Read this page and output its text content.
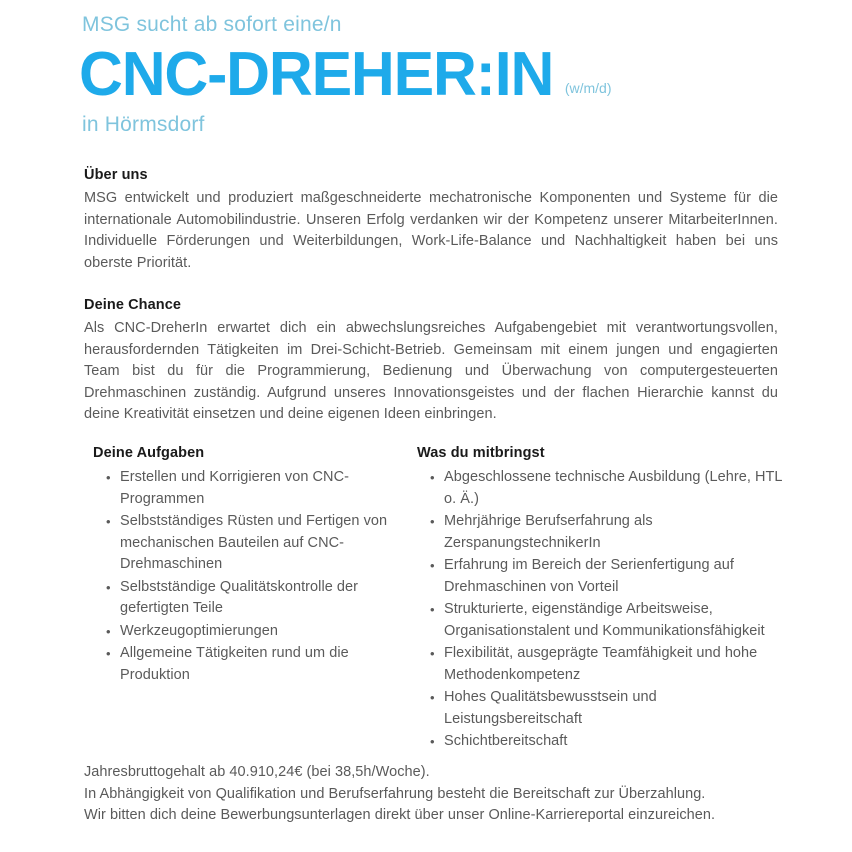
MSG sucht ab sofort eine/n
CNC-DREHER:IN (w/m/d)
in Hörmsdorf
Über uns

MSG entwickelt und produziert maßgeschneiderte mechatronische Komponenten und Systeme für die internationale Automobilindustrie. Unseren Erfolg verdanken wir der Kompetenz unserer MitarbeiterInnen. Individuelle Förderungen und Weiterbildungen, Work-Life-Balance und Nachhaltigkeit haben bei uns oberste Priorität.

Deine Chance

Als CNC-DreherIn erwartet dich ein abwechslungsreiches Aufgabengebiet mit verantwortungsvollen, herausfordernden Tätigkeiten im Drei-Schicht-Betrieb. Gemeinsam mit einem jungen und engagierten Team bist du für die Programmierung, Bedienung und Überwachung von computergesteuerten Drehmaschinen zuständig. Aufgrund unseres Innovationsgeistes und der flachen Hierarchie kannst du deine Kreativität einsetzen und deine eigenen Ideen einbringen.

Deine Aufgaben
• Erstellen und Korrigieren von CNC-Programmen
• Selbstständiges Rüsten und Fertigen von mechanischen Bauteilen auf CNC-Drehmaschinen
• Selbstständige Qualitätskontrolle der gefertigten Teile
• Werkzeugoptimierungen
• Allgemeine Tätigkeiten rund um die Produktion
Was du mitbringst
• Abgeschlossene technische Ausbildung (Lehre, HTL o. Ä.)
• Mehrjährige Berufserfahrung als ZerspanungstechnikerIn
• Erfahrung im Bereich der Serienfertigung auf Drehmaschinen von Vorteil
• Strukturierte, eigenständige Arbeitsweise, Organisationstalent und Kommunikationsfähigkeit
• Flexibilität, ausgeprägte Teamfähigkeit und hohe Methodenkompetenz
• Hohes Qualitätsbewusstsein und Leistungsbereitschaft
• Schichtbereitschaft

Jahresbruttogehalt ab 40.910,24€ (bei 38,5h/Woche).

In Abhängigkeit von Qualifikation und Berufserfahrung besteht die Bereitschaft zur Überzahlung.

Wir bitten dich deine Bewerbungsunterlagen direkt über unser Online-Karriereportal einzureichen.
